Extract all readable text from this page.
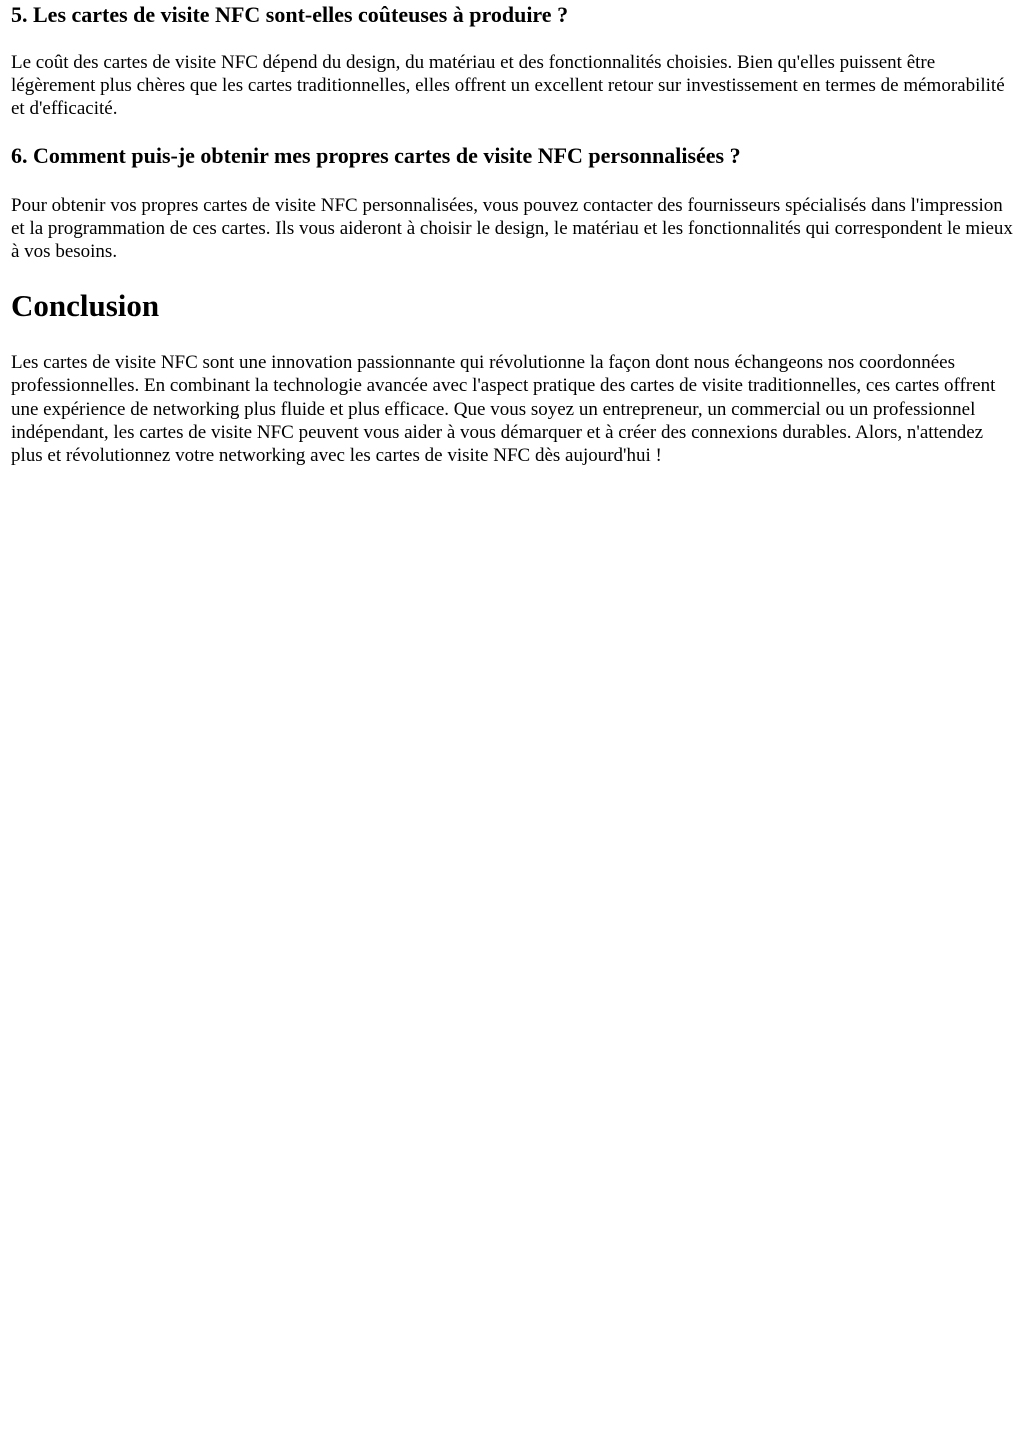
5. Les cartes de visite NFC sont-elles coûteuses à produire ?

Le coût des cartes de visite NFC dépend du design, du matériau et des fonctionnalités choisies. Bien qu'elles puissent être légèrement plus chères que les cartes traditionnelles, elles offrent un excellent retour sur investissement en termes de mémorabilité et d'efficacité.

6. Comment puis-je obtenir mes propres cartes de visite NFC personnalisées ?

Pour obtenir vos propres cartes de visite NFC personnalisées, vous pouvez contacter des fournisseurs spécialisés dans l'impression et la programmation de ces cartes. Ils vous aideront à choisir le design, le matériau et les fonctionnalités qui correspondent le mieux à vos besoins.

Conclusion

Les cartes de visite NFC sont une innovation passionnante qui révolutionne la façon dont nous échangeons nos coordonnées professionnelles. En combinant la technologie avancée avec l'aspect pratique des cartes de visite traditionnelles, ces cartes offrent une expérience de networking plus fluide et plus efficace. Que vous soyez un entrepreneur, un commercial ou un professionnel indépendant, les cartes de visite NFC peuvent vous aider à vous démarquer et à créer des connexions durables. Alors, n'attendez plus et révolutionnez votre networking avec les cartes de visite NFC dès aujourd'hui !
